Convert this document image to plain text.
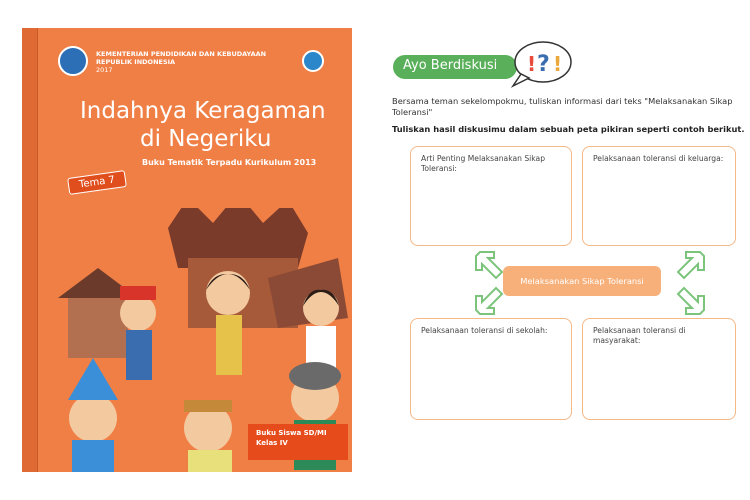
KEMENTERIAN PENDIDIKAN DAN KEBUDAYAAN
REPUBLIK INDONESIA
2017
Indahnya Keragaman
di Negeriku
Buku Tematik Terpadu Kurikulum 2013
Tema 7
Buku Siswa SD/MI
Kelas IV
Ayo Berdiskusi	! ? !
Bersama teman sekelompokmu, tuliskan informasi dari teks "Melaksanakan Sikap Toleransi"
Tuliskan hasil diskusimu dalam sebuah peta pikiran seperti contoh berikut.
Arti Penting Melaksanakan Sikap Toleransi:
Pelaksanaan toleransi di keluarga:
Pelaksanaan toleransi di sekolah:	Pelaksanaan toleransi di masyarakat:
Melaksanakan Sikap Toleransi
